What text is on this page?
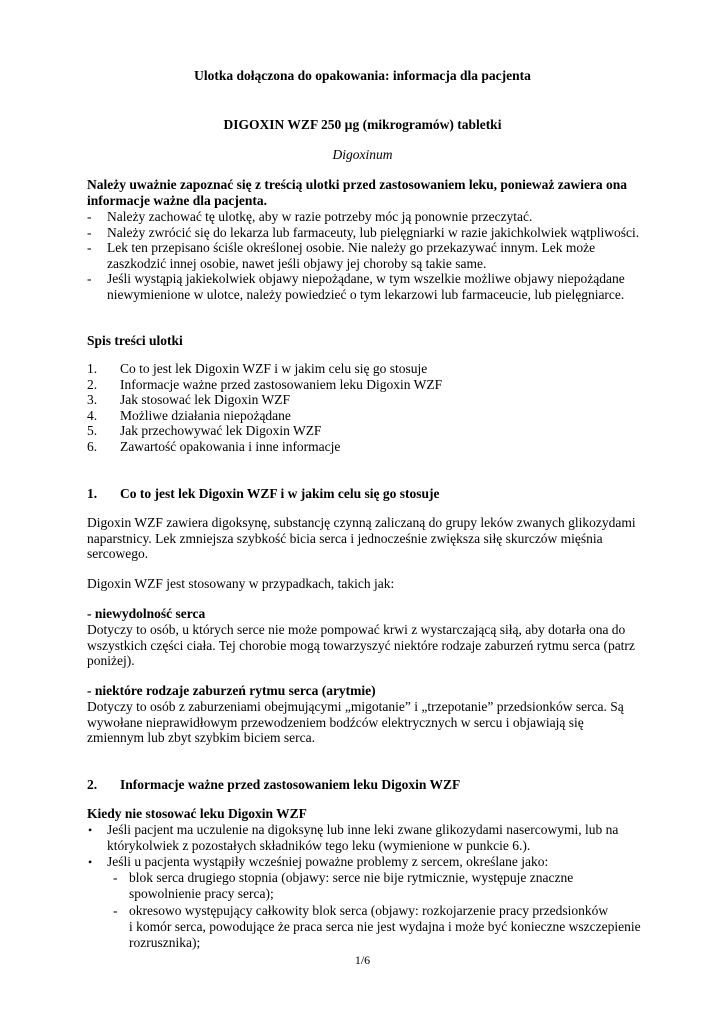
Ulotka dołączona do opakowania: informacja dla pacjenta

DIGOXIN WZF 250 µg (mikrogramów) tabletki

Digoxinum

Należy uważnie zapoznać się z treścią ulotki przed zastosowaniem leku, ponieważ zawiera ona

informacje ważne dla pacjenta.

- Należy zachować tę ulotkę, aby w razie potrzeby móc ją ponownie przeczytać.

- Należy zwrócić się do lekarza lub farmaceuty, lub pielęgniarki w razie jakichkolwiek wątpliwości.

- Lek ten przepisano ściśle określonej osobie. Nie należy go przekazywać innym. Lek może

zaszkodzić innej osobie, nawet jeśli objawy jej choroby są takie same.

- Jeśli wystąpią jakiekolwiek objawy niepożądane, w tym wszelkie możliwe objawy niepożądane

niewymienione w ulotce, należy powiedzieć o tym lekarzowi lub farmaceucie, lub pielęgniarce.

Spis treści ulotki

1. Co to jest lek Digoxin WZF i w jakim celu się go stosuje

2. Informacje ważne przed zastosowaniem leku Digoxin WZF

3. Jak stosować lek Digoxin WZF

4. Możliwe działania niepożądane

5. Jak przechowywać lek Digoxin WZF

6. Zawartość opakowania i inne informacje

1. Co to jest lek Digoxin WZF i w jakim celu się go stosuje

Digoxin WZF zawiera digoksynę, substancję czynną zaliczaną do grupy leków zwanych glikozydami

naparstnicy. Lek zmniejsza szybkość bicia serca i jednocześnie zwiększa siłę skurczów mięśnia

sercowego.

Digoxin WZF jest stosowany w przypadkach, takich jak:

- niewydolność serca

Dotyczy to osób, u których serce nie może pompować krwi z wystarczającą siłą, aby dotarła ona do

wszystkich części ciała. Tej chorobie mogą towarzyszyć niektóre rodzaje zaburzeń rytmu serca (patrz

poniżej).

- niektóre rodzaje zaburzeń rytmu serca (arytmie)

Dotyczy to osób z zaburzeniami obejmującymi „migotanie” i „trzepotanie” przedsionków serca. Są

wywołane nieprawidłowym przewodzeniem bodźców elektrycznych w sercu i objawiają się

zmiennym lub zbyt szybkim biciem serca.

2. Informacje ważne przed zastosowaniem leku Digoxin WZF

Kiedy nie stosować leku Digoxin WZF

• Jeśli pacjent ma uczulenie na digoksynę lub inne leki zwane glikozydami nasercowymi, lub na

którykolwiek z pozostałych składników tego leku (wymienione w punkcie 6.).

• Jeśli u pacjenta wystąpiły wcześniej poważne problemy z sercem, określane jako:

- blok serca drugiego stopnia (objawy: serce nie bije rytmicznie, występuje znaczne

spowolnienie pracy serca);

- okresowo występujący całkowity blok serca (objawy: rozkojarzenie pracy przedsionków

i komór serca, powodujące że praca serca nie jest wydajna i może być konieczne wszczepienie

rozrusznika);

1/6
